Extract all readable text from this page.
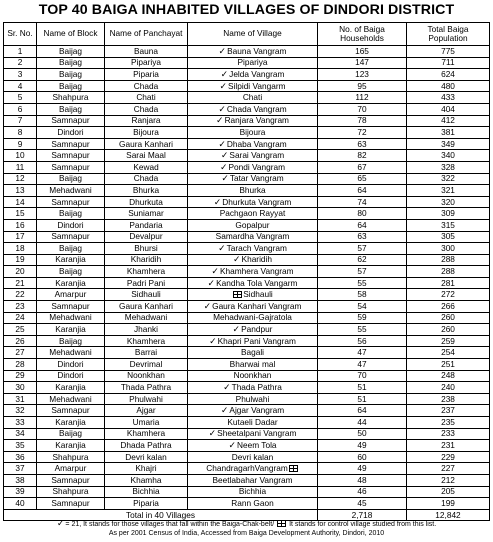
TOP 40 BAIGA INHABITED VILLAGES OF DINDORI DISTRICT
Sr. No.	Name of Block	Name of Panchayat	Name of Village	No. of Baiga Households	Total Baiga Population
1	Baijag	Bauna	✓Bauna Vangram	165	775
2	Baijag	Pipariya	Pipariya	147	711
3	Baijag	Piparia	✓Jelda Vangram	123	624
4	Baijag	Chada	✓Silpidi Vangarm	95	480
5	Shahpura	Chati	Chati	112	433
6	Baijag	Chada	✓Chada Vangram	70	404
7	Samnapur	Ranjara	✓Ranjara Vangram	78	412
8	Dindori	Bijoura	Bijoura	72	381
9	Samnapur	Gaura Kanhari	✓Dhaba Vangram	63	349
10	Samnapur	Sarai Maal	✓Sarai Vangram	82	340
11	Samnapur	Kewad	✓Pondi Vangram	67	328
12	Baijag	Chada	✓Tatar Vangram	65	322
13	Mehadwani	Bhurka	Bhurka	64	321
14	Samnapur	Dhurkuta	✓Dhurkuta Vangram	74	320
15	Baijag	Suniamar	Pachgaon Rayyat	80	309
16	Dindori	Pandaria	Gopalpur	64	315
17	Samnapur	Devalpur	Samardha Vangram	63	305
18	Baijag	Bhursi	✓Tarach Vangram	57	300
19	Karanjia	Kharidih	✓Kharidih	62	288
20	Baijag	Khamhera	✓Khamhera Vangram	57	288
21	Karanjia	Padri Pani	✓Kandha Tola Vangarm	55	281
22	Amarpur	Sidhauli	Sidhauli	58	272
23	Samnapur	Gaura Kanhari	✓Gaura Kanhari Vangram	54	266
24	Mehadwani	Mehadwani	Mehadwani-Gajratola	59	260
25	Karanjia	Jhanki	✓Pandpur	55	260
26	Baijag	Khamhera	✓Khapri Pani Vangram	56	259
27	Mehadwani	Barrai	Bagali	47	254
28	Dindori	Devrimal	Bharwai mal	47	251
29	Dindori	Noonkhan	Noonkhan	70	248
30	Karanjia	Thada Pathra	✓Thada Pathra	51	240
31	Mehadwani	Phulwahi	Phulwahi	51	238
32	Samnapur	Ajgar	✓Ajgar Vangram	64	237
33	Karanjia	Umaria	Kutaeli Dadar	44	235
34	Baijag	Khamhera	✓Sheetalpani Vangram	50	233
35	Karanjia	Dhada Pathra	✓Neem Tola	49	231
36	Shahpura	Devri kalan	Devri kalan	60	229
37	Amarpur	Khajri	ChandragarhVangram	49	227
38	Samnapur	Khamha	Beetlabahar Vangram	48	212
39	Shahpura	Bichhia	Bichhia	46	205
40	Samnapur	Piparia	Rann Gaon	45	199
Total in 40 Villages				2,718	12,842
✓= 21, It stands for those villages that fall within the Baiga-Chak-belt/ It stands for control village studied from this list.
As per 2001 Census of India, Accessed from Baiga Development Authority, Dindori, 2010
